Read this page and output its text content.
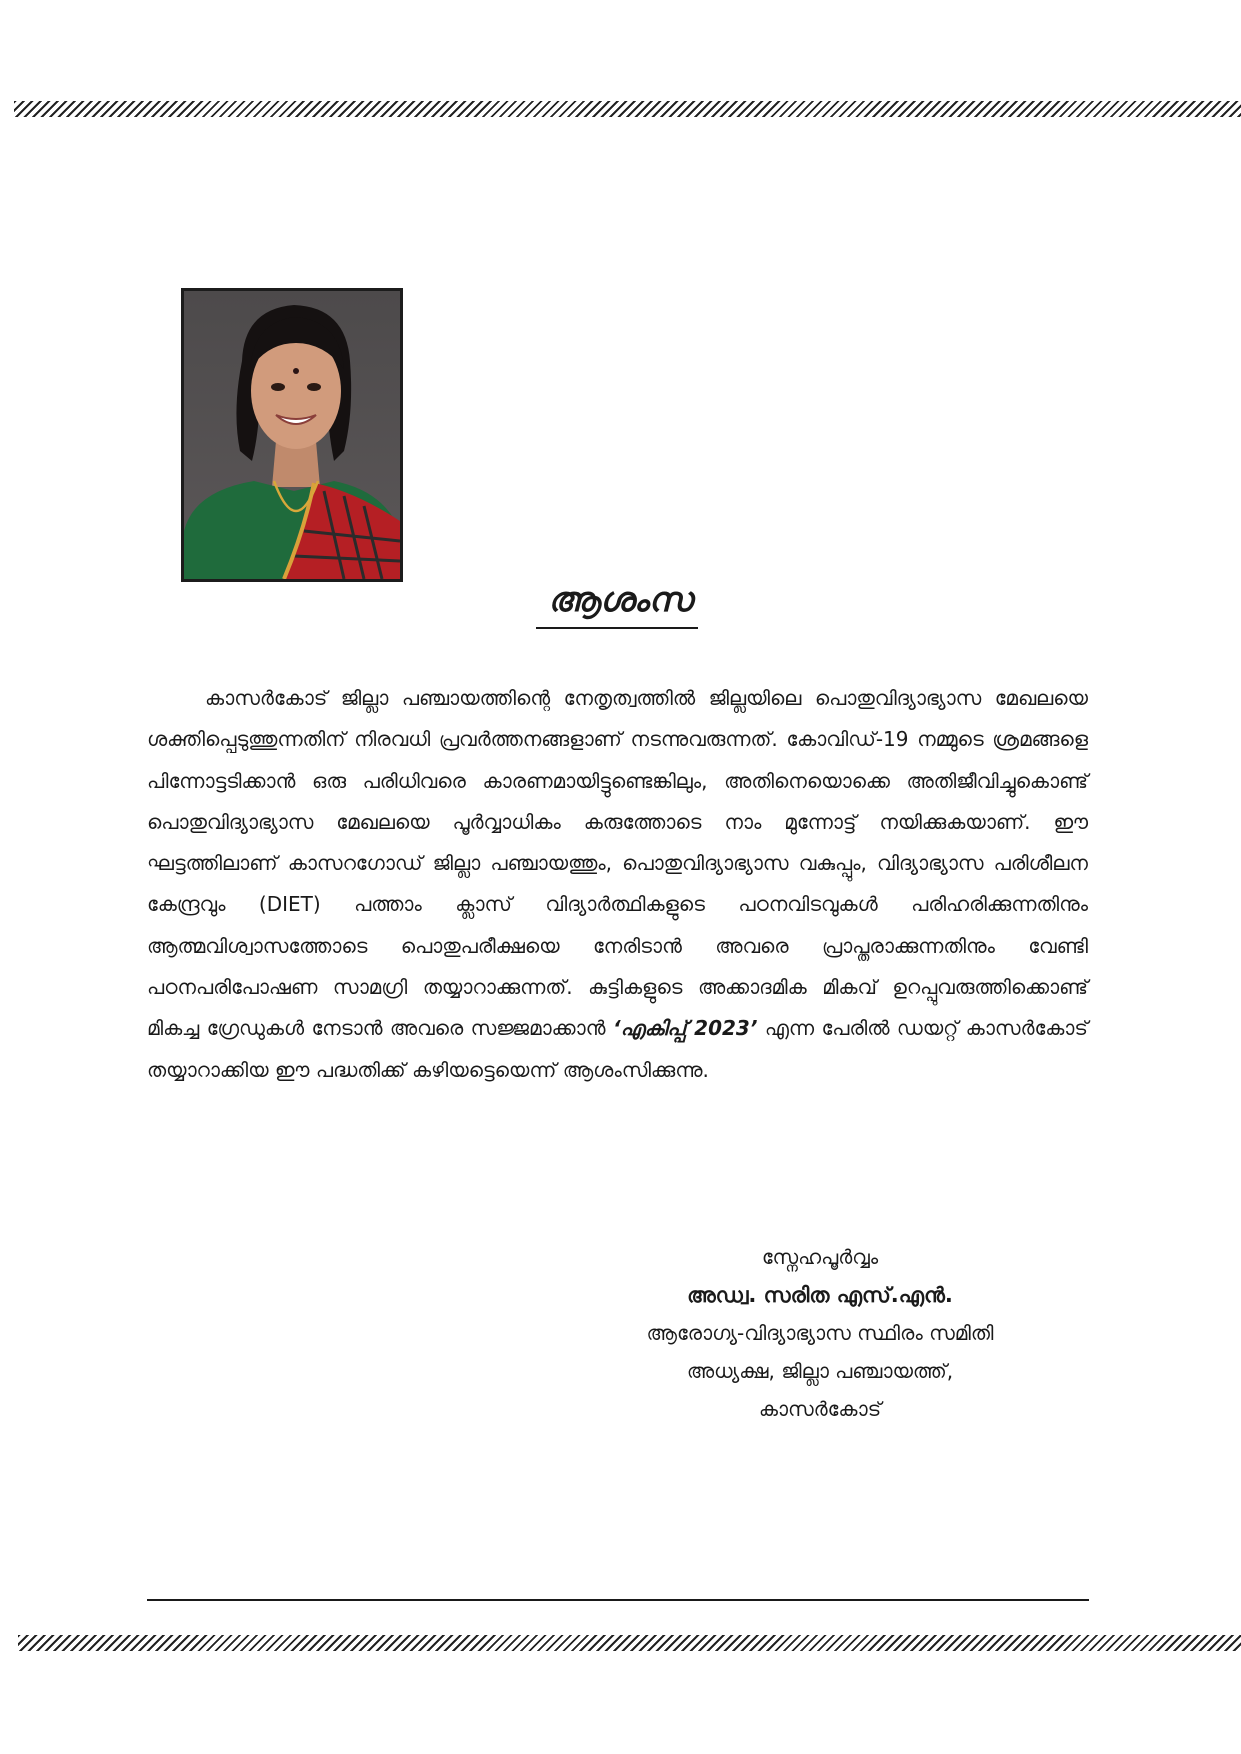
ആശംസ

കാസർകോട് ജില്ലാ പഞ്ചായത്തിന്റെ നേതൃത്വത്തിൽ ജില്ലയിലെ പൊതുവിദ്യാഭ്യാസ മേഖലയെ ശക്തിപ്പെടുത്തുന്നതിന് നിരവധി പ്രവർത്തനങ്ങളാണ് നടന്നുവരുന്നത്. കോവിഡ്-19 നമ്മുടെ ശ്രമങ്ങളെ പിന്നോട്ടടിക്കാൻ ഒരു പരിധിവരെ കാരണമായിട്ടുണ്ടെങ്കിലും, അതിനെയൊക്കെ അതിജീവിച്ചുകൊണ്ട് പൊതുവിദ്യാഭ്യാസ മേഖലയെ പൂർവ്വാധികം കരുത്തോടെ നാം മുന്നോട്ട് നയിക്കുകയാണ്. ഈ ഘട്ടത്തിലാണ് കാസറഗോഡ് ജില്ലാ പഞ്ചായത്തും, പൊതുവിദ്യാഭ്യാസ വകുപ്പും, വിദ്യാഭ്യാസ പരിശീലന കേന്ദ്രവും (DIET) പത്താം ക്ലാസ് വിദ്യാർത്ഥികളുടെ പഠനവിടവുകൾ പരിഹരിക്കുന്നതിനും ആത്മവിശ്വാസത്തോടെ പൊതുപരീക്ഷയെ നേരിടാൻ അവരെ പ്രാപ്തരാക്കുന്നതിനും വേണ്ടി പഠനപരിപോഷണ സാമഗ്രി തയ്യാറാക്കുന്നത്. കുട്ടികളുടെ അക്കാദമിക മികവ് ഉറപ്പുവരുത്തിക്കൊണ്ട് മികച്ച ഗ്രേഡുകൾ നേടാൻ അവരെ സജ്ജമാക്കാൻ ‘എകിപ്പ് 2023’ എന്ന പേരിൽ ഡയറ്റ് കാസർകോട് തയ്യാറാക്കിയ ഈ പദ്ധതിക്ക് കഴിയട്ടെയെന്ന് ആശംസിക്കുന്നു.

സ്നേഹപൂർവ്വം
അഡ്വ. സരിത എസ്.എൻ.
ആരോഗ്യ-വിദ്യാഭ്യാസ സ്ഥിരം സമിതി
അധ്യക്ഷ, ജില്ലാ പഞ്ചായത്ത്,
കാസർകോട്
